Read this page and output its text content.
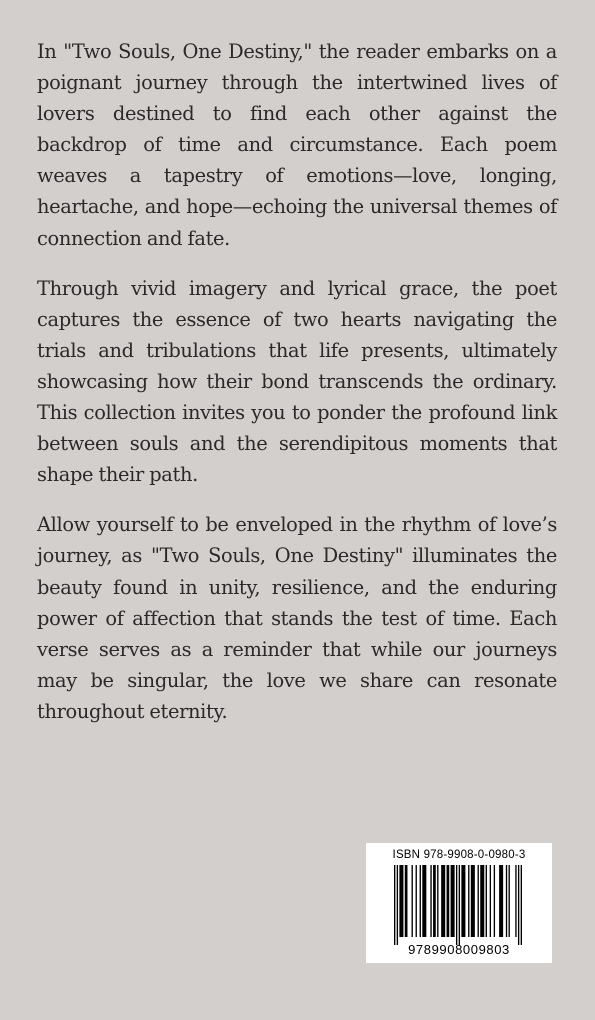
In "Two Souls, One Destiny," the reader embarks on a poignant journey through the intertwined lives of lovers destined to find each other against the backdrop of time and circumstance. Each poem weaves a tapestry of emotions—love, longing, heartache, and hope—echoing the universal themes of connection and fate.

Through vivid imagery and lyrical grace, the poet captures the essence of two hearts navigating the trials and tribulations that life presents, ultimately showcasing how their bond transcends the ordinary. This collection invites you to ponder the profound link between souls and the serendipitous moments that shape their path.

Allow yourself to be enveloped in the rhythm of love’s journey, as "Two Souls, One Destiny" illuminates the beauty found in unity, resilience, and the enduring power of affection that stands the test of time. Each verse serves as a reminder that while our journeys may be singular, the love we share can resonate throughout eternity.

ISBN 978-9908-0-0980-3
9789908009803
